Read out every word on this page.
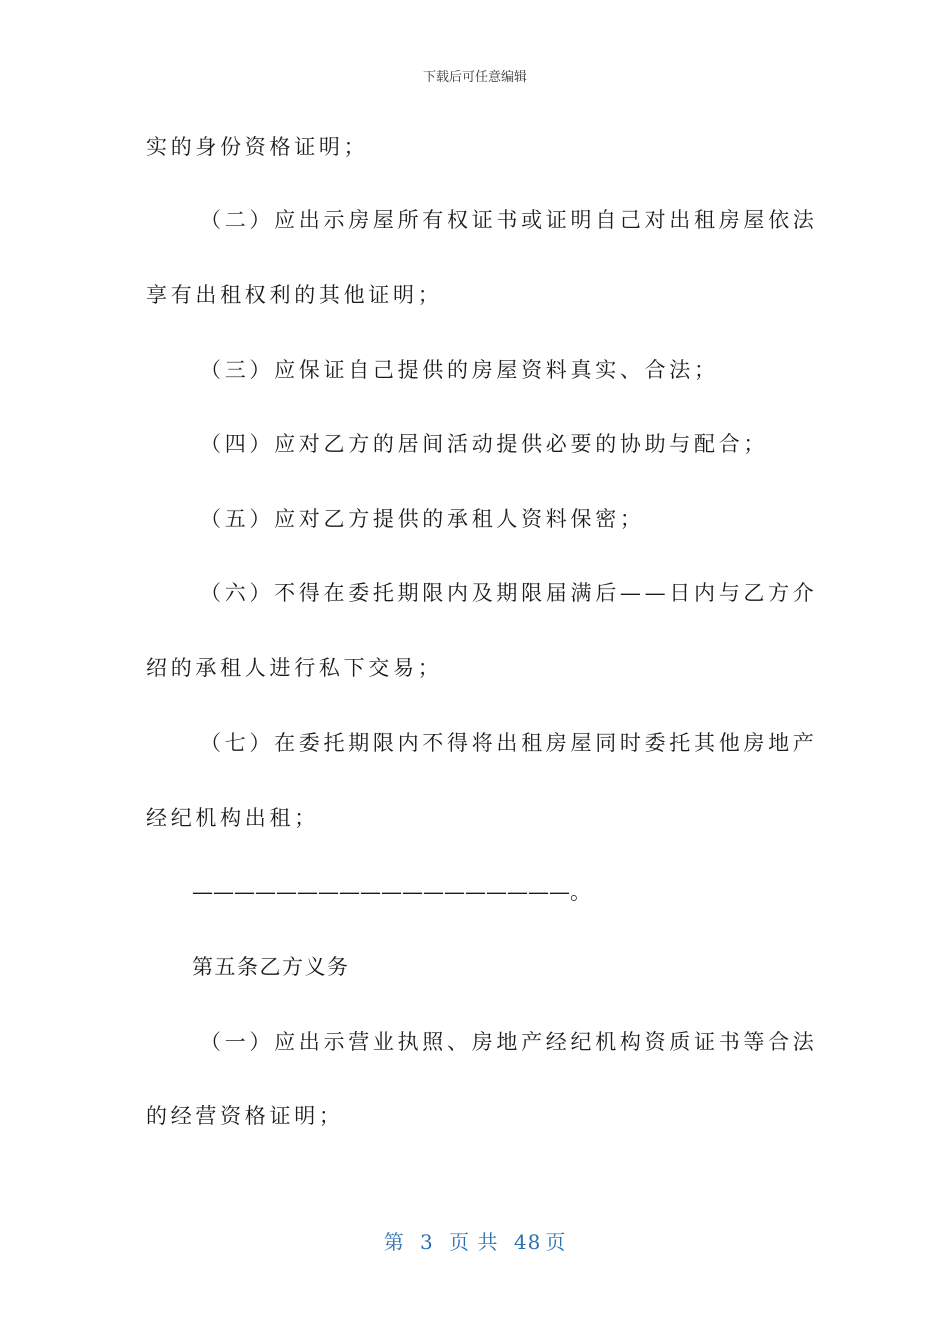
下载后可任意编辑
实的身份资格证明；
（二）应出示房屋所有权证书或证明自己对出租房屋依法
享有出租权利的其他证明；
（三）应保证自己提供的房屋资料真实、合法；
（四）应对乙方的居间活动提供必要的协助与配合；
（五）应对乙方提供的承租人资料保密；
（六）不得在委托期限内及期限届满后——日内与乙方介
绍的承租人进行私下交易；
（七）在委托期限内不得将出租房屋同时委托其他房地产
经纪机构出租；
——————————————————。
第五条乙方义务
（一）应出示营业执照、房地产经纪机构资质证书等合法
的经营资格证明；
第 3 页 共 48 页
